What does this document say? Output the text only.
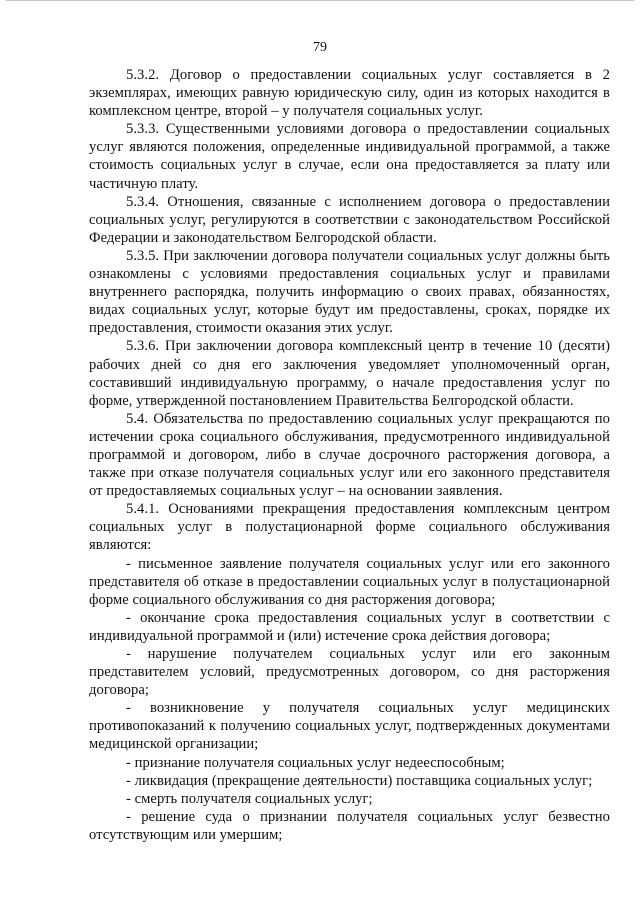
79

5.3.2. Договор о предоставлении социальных услуг составляется в 2 экземплярах, имеющих равную юридическую силу, один из которых находится в комплексном центре, второй – у получателя социальных услуг.

5.3.3. Существенными условиями договора о предоставлении социальных услуг являются положения, определенные индивидуальной программой, а также стоимость социальных услуг в случае, если она предоставляется за плату или частичную плату.

5.3.4. Отношения, связанные с исполнением договора о предоставлении социальных услуг, регулируются в соответствии с законодательством Российской Федерации и законодательством Белгородской области.

5.3.5. При заключении договора получатели социальных услуг должны быть ознакомлены с условиями предоставления социальных услуг и правилами внутреннего распорядка, получить информацию о своих правах, обязанностях, видах социальных услуг, которые будут им предоставлены, сроках, порядке их предоставления, стоимости оказания этих услуг.

5.3.6. При заключении договора комплексный центр в течение 10 (десяти) рабочих дней со дня его заключения уведомляет уполномоченный орган, составивший индивидуальную программу, о начале предоставления услуг по форме, утвержденной постановлением Правительства Белгородской области.

5.4. Обязательства по предоставлению социальных услуг прекращаются по истечении срока социального обслуживания, предусмотренного индивидуальной программой и договором, либо в случае досрочного расторжения договора, а также при отказе получателя социальных услуг или его законного представителя от предоставляемых социальных услуг – на основании заявления.

5.4.1. Основаниями прекращения предоставления комплексным центром социальных услуг в полустационарной форме социального обслуживания являются:

- письменное заявление получателя социальных услуг или его законного представителя об отказе в предоставлении социальных услуг в полустационарной форме социального обслуживания со дня расторжения договора;

- окончание срока предоставления социальных услуг в соответствии с индивидуальной программой и (или) истечение срока действия договора;

- нарушение получателем социальных услуг или его законным представителем условий, предусмотренных договором, со дня расторжения договора;

- возникновение у получателя социальных услуг медицинских противопоказаний к получению социальных услуг, подтвержденных документами медицинской организации;

- признание получателя социальных услуг недееспособным;

- ликвидация (прекращение деятельности) поставщика социальных услуг;

- смерть получателя социальных услуг;

- решение суда о признании получателя социальных услуг безвестно отсутствующим или умершим;
